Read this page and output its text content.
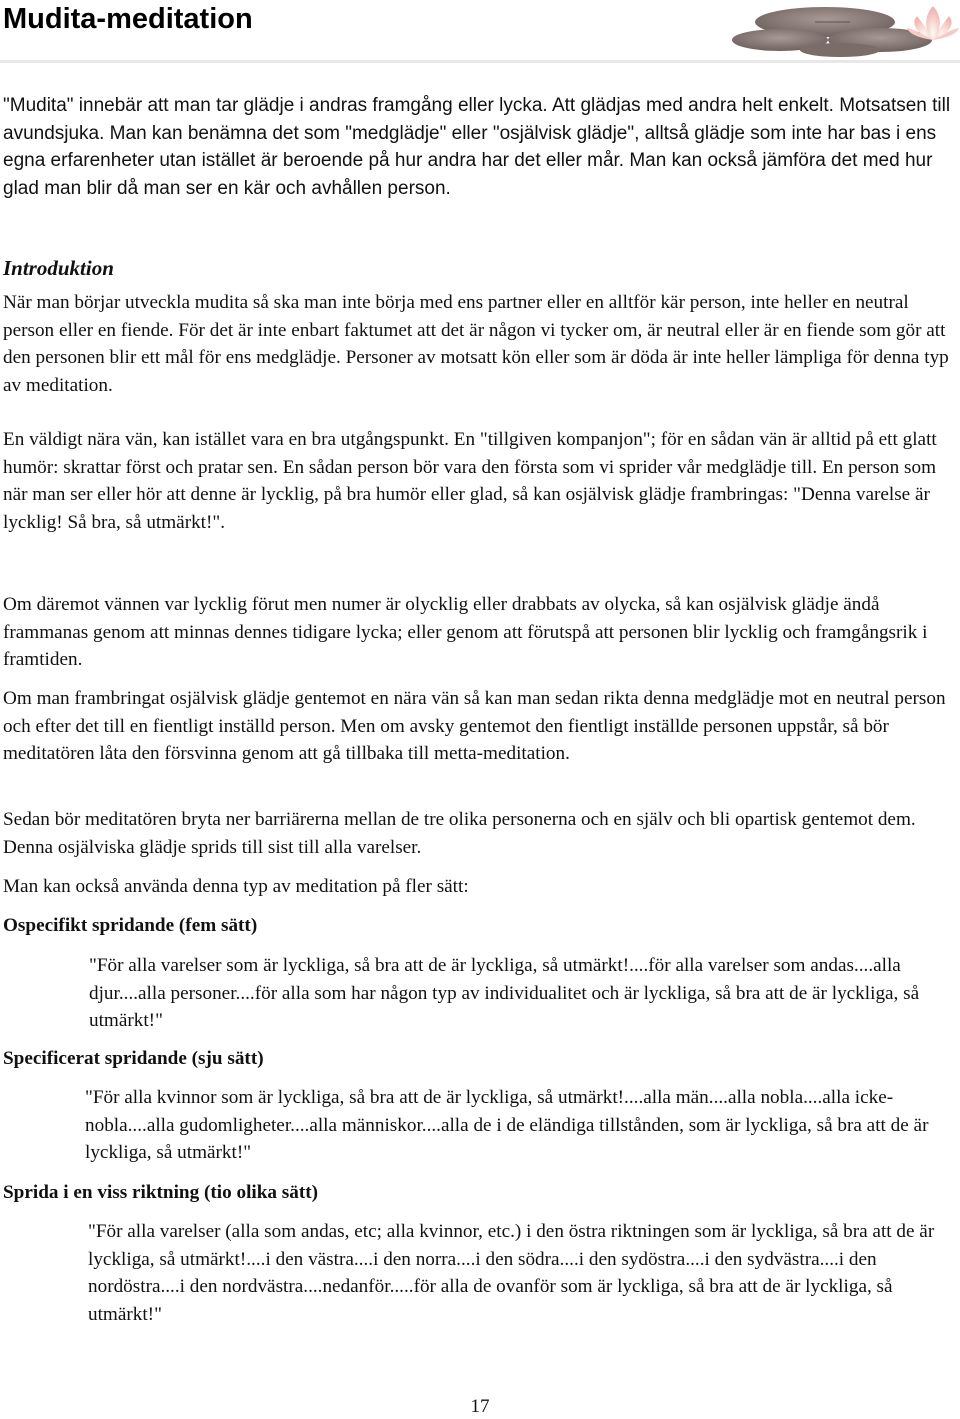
Mudita-meditation

"Mudita" innebär att man tar glädje i andras framgång eller lycka. Att glädjas med andra helt enkelt. Motsatsen till avundsjuka. Man kan benämna det som "medglädje" eller "osjälvisk glädje", alltså glädje som inte har bas i ens egna erfarenheter utan istället är beroende på hur andra har det eller mår. Man kan också jämföra det med hur glad man blir då man ser en kär och avhållen person.

Introduktion

När man börjar utveckla mudita så ska man inte börja med ens partner eller en alltför kär person, inte heller en neutral person eller en fiende. För det är inte enbart faktumet att det är någon vi tycker om, är neutral eller är en fiende som gör att den personen blir ett mål för ens medglädje. Personer av motsatt kön eller som är döda är inte heller lämpliga för denna typ av meditation.

En väldigt nära vän, kan istället vara en bra utgångspunkt. En "tillgiven kompanjon"; för en sådan vän är alltid på ett glatt humör: skrattar först och pratar sen. En sådan person bör vara den första som vi sprider vår medglädje till. En person som när man ser eller hör att denne är lycklig, på bra humör eller glad, så kan osjälvisk glädje frambringas: "Denna varelse är lycklig! Så bra, så utmärkt!".

Om däremot vännen var lycklig förut men numer är olycklig eller drabbats av olycka, så kan osjälvisk glädje ändå frammanas genom att minnas dennes tidigare lycka; eller genom att förutspå att personen blir lycklig och framgångsrik i framtiden.

Om man frambringat osjälvisk glädje gentemot en nära vän så kan man sedan rikta denna medglädje mot en neutral person och efter det till en fientligt inställd person. Men om avsky gentemot den fientligt inställde personen uppstår, så bör meditatören låta den försvinna genom att gå tillbaka till metta-meditation.

Sedan bör meditatören bryta ner barriärerna mellan de tre olika personerna och en själv och bli opartisk gentemot dem. Denna osjälviska glädje sprids till sist till alla varelser.

Man kan också använda denna typ av meditation på fler sätt:

Ospecifikt spridande (fem sätt)

"För alla varelser som är lyckliga, så bra att de är lyckliga, så utmärkt!....för alla varelser som andas....alla djur....alla personer....för alla som har någon typ av individualitet och är lyckliga, så bra att de är lyckliga, så utmärkt!"

Specificerat spridande (sju sätt)

"För alla kvinnor som är lyckliga, så bra att de är lyckliga, så utmärkt!....alla män....alla nobla....alla icke-nobla....alla gudomligheter....alla människor....alla de i de eländiga tillstånden, som är lyckliga, så bra att de är lyckliga, så utmärkt!"

Sprida i en viss riktning (tio olika sätt)

"För alla varelser (alla som andas, etc; alla kvinnor, etc.) i den östra riktningen som är lyckliga, så bra att de är lyckliga, så utmärkt!....i den västra....i den norra....i den södra....i den sydöstra....i den sydvästra....i den nordöstra....i den nordvästra....nedanför.....för alla de ovanför som är lyckliga, så bra att de är lyckliga, så utmärkt!"

17
